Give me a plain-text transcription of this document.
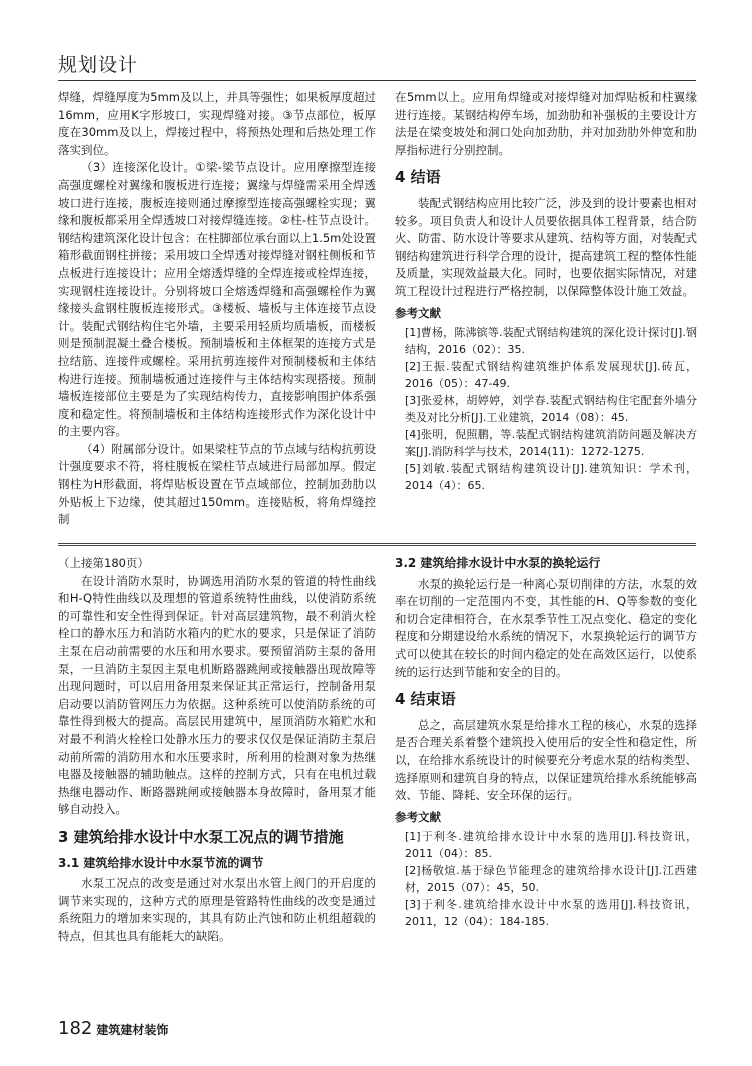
规划设计

焊缝，焊缝厚度为5mm及以上，并具等强性；如果板厚度超过16mm，应用K字形坡口，实现焊缝对接。③节点部位，板厚度在30mm及以上，焊接过程中，将预热处理和后热处理工作落实到位。

（3）连接深化设计。①梁-梁节点设计。应用摩擦型连接高强度螺栓对翼缘和腹板进行连接；翼缘与焊缝需采用全焊透坡口进行连接，腹板连接则通过摩擦型连接高强螺栓实现；翼缘和腹板都采用全焊透坡口对接焊缝连接。②柱-柱节点设计。钢结构建筑深化设计包含：在柱脚部位承台面以上1.5m处设置箱形截面钢柱拼接；采用坡口全焊透对接焊缝对钢柱侧板和节点板进行连接设计；应用全熔透焊缝的全焊连接或栓焊连接，实现钢柱连接设计。分别将坡口全熔透焊缝和高强螺栓作为翼缘接头盒钢柱腹板连接形式。③楼板、墙板与主体连接节点设计。装配式钢结构住宅外墙，主要采用轻质均质墙板，而楼板则是预制混凝土叠合楼板。预制墙板和主体框架的连接方式是拉结筋、连接件或螺栓。采用抗剪连接件对预制楼板和主体结构进行连接。预制墙板通过连接件与主体结构实现搭接。预制墙板连接部位主要是为了实现结构传力，直接影响围护体系强度和稳定性。将预制墙板和主体结构连接形式作为深化设计中的主要内容。

（4）附属部分设计。如果梁柱节点的节点域与结构抗剪设计强度要求不符，将柱腹板在梁柱节点域进行局部加厚。假定钢柱为H形截面，将焊贴板设置在节点域部位，控制加劲肋以外贴板上下边缘，使其超过150mm。连接贴板，将角焊缝控制

在5mm以上。应用角焊缝或对接焊缝对加焊贴板和柱翼缘进行连接。某钢结构停车场，加劲肋和补强板的主要设计方法是在梁变坡处和洞口处向加劲肋，并对加劲肋外伸宽和肋厚指标进行分别控制。

4 结语

装配式钢结构应用比较广泛，涉及到的设计要素也相对较多。项目负责人和设计人员要依据具体工程背景，结合防火、防雷、防水设计等要求从建筑、结构等方面，对装配式钢结构建筑进行科学合理的设计，提高建筑工程的整体性能及质量，实现效益最大化。同时，也要依据实际情况，对建筑工程设计过程进行严格控制，以保障整体设计施工效益。

参考文献

[1]曹杨，陈沸镔等.装配式钢结构建筑的深化设计探讨[J].钢结构，2016（02）：35.

[2]王振.装配式钢结构建筑维护体系发展现状[J].砖瓦，2016（05）：47-49.

[3]张爱林，胡婷婷，刘学春.装配式钢结构住宅配套外墙分类及对比分析[J].工业建筑，2014（08）：45.

[4]张明，倪照鹏，等.装配式钢结构建筑消防问题及解决方案[J].消防科学与技术，2014(11)：1272-1275.

[5]刘敏.装配式钢结构建筑设计[J].建筑知识：学术刊，2014（4）：65.

（上接第180页）

在设计消防水泵时，协调选用消防水泵的管道的特性曲线和H-Q特性曲线以及理想的管道系统特性曲线，以使消防系统的可靠性和安全性得到保证。针对高层建筑物，最不利消火栓栓口的静水压力和消防水箱内的贮水的要求，只是保证了消防主泵在启动前需要的水压和用水要求。要预留消防主泵的备用泵，一旦消防主泵因主泵电机断路器跳闸或接触器出现故障等出现问题时，可以启用备用泵来保证其正常运行，控制备用泵启动要以消防管网压力为依据。这种系统可以使消防系统的可靠性得到极大的提高。高层民用建筑中，屋顶消防水箱贮水和对最不利消火栓栓口处静水压力的要求仅仅是保证消防主泵启动前所需的消防用水和水压要求时，所利用的检测对象为热继电器及接触器的辅助触点。这样的控制方式，只有在电机过载热继电器动作、断路器跳闸或接触器本身故障时，备用泵才能够自动投入。

3 建筑给排水设计中水泵工况点的调节措施
3.1 建筑给排水设计中水泵节流的调节

水泵工况点的改变是通过对水泵出水管上阀门的开启度的调节来实现的，这种方式的原理是管路特性曲线的改变是通过系统阻力的增加来实现的，其具有防止汽蚀和防止机组超载的特点，但其也具有能耗大的缺陷。

3.2 建筑给排水设计中水泵的换轮运行

水泵的换轮运行是一种离心泵切削律的方法，水泵的效率在切削的一定范围内不变，其性能的H、Q等参数的变化和切合定律相符合，在水泵季节性工况点变化、稳定的变化程度和分期建设给水系统的情况下，水泵换轮运行的调节方式可以使其在较长的时间内稳定的处在高效区运行，以使系统的运行达到节能和安全的目的。

4 结束语

总之，高层建筑水泵是给排水工程的核心，水泵的选择是否合理关系着整个建筑投入使用后的安全性和稳定性，所以，在给排水系统设计的时候要充分考虑水泵的结构类型、选择原则和建筑自身的特点，以保证建筑给排水系统能够高效、节能、降耗、安全环保的运行。

参考文献

[1]于利冬.建筑给排水设计中水泵的选用[J].科技资讯，2011（04）：85.

[2]杨敬煊.基于绿色节能理念的建筑给排水设计[J].江西建材，2015（07）：45，50.

[3]于利冬.建筑给排水设计中水泵的选用[J].科技资讯，2011，12（04）：184-185.

182 建筑建材装饰
